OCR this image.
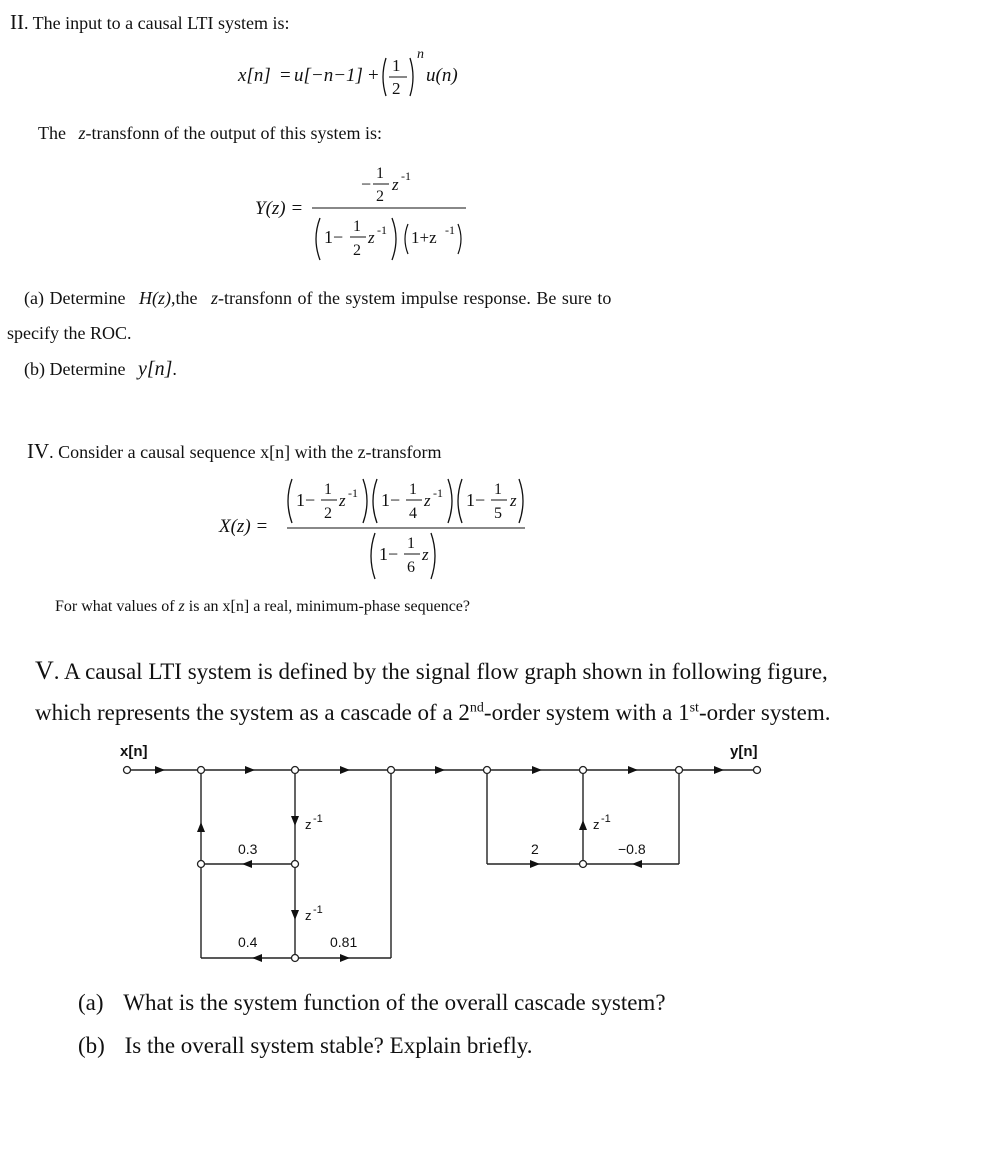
II. The input to a causal LTI system is:
x[n] = u[−n−1] + 1
2
n
u(n)
The z-transfonn of the output of this system is:
Y(z) =
−
1
2
z -1
1−
1
2
z -1 1+z -1
(a) Determine H(z),the z-transfonn of the system impulse response. Be sure to
specify the ROC.
(b) Determine y[n].
IV. Consider a causal sequence x[n] with the z-transform
X(z) =
1−
1
2
z -1 1−
1
4
z -1 1−
1
5
z
1−
1
6
z
For what values of z is an x[n] a real, minimum-phase sequence?
V. A causal LTI system is defined by the signal flow graph shown in following figure,
which represents the system as a cascade of a 2nd-order system with a 1st-order system.
x[n]	y[n]
z -1
z -1
z -1
0.3
0.4	0.81
2	−0.8
(a) What is the system function of the overall cascade system?
(b) Is the overall system stable? Explain briefly.
